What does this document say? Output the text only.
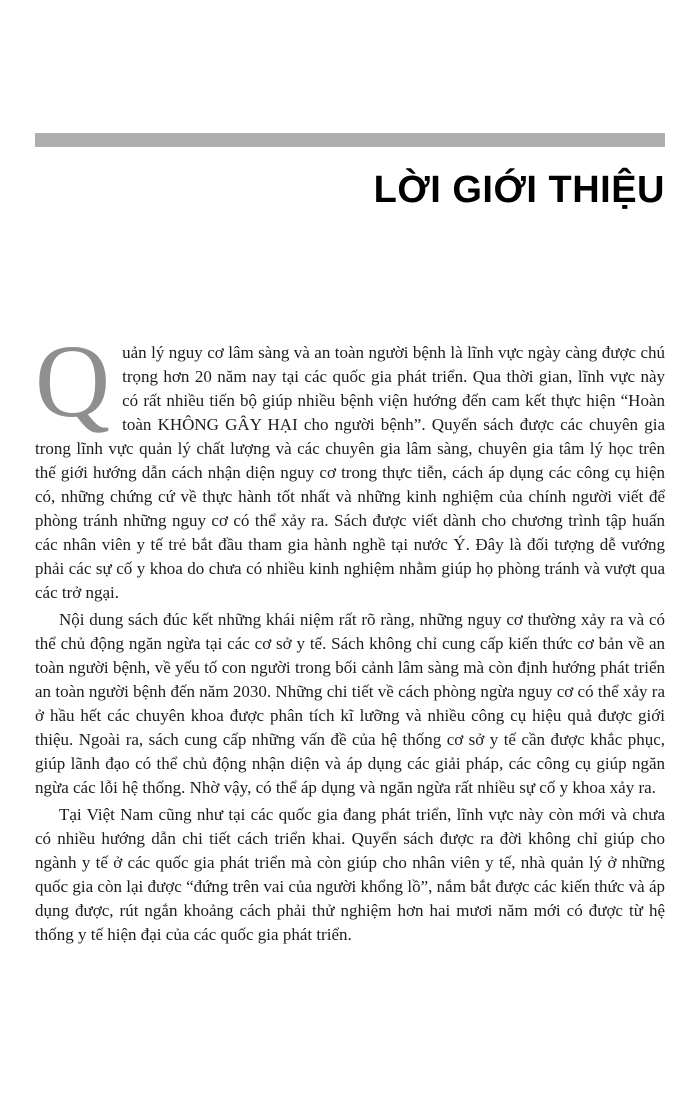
LỜI GIỚI THIỆU

Quản lý nguy cơ lâm sàng và an toàn người bệnh là lĩnh vực ngày càng được chú trọng hơn 20 năm nay tại các quốc gia phát triển. Qua thời gian, lĩnh vực này có rất nhiều tiến bộ giúp nhiều bệnh viện hướng đến cam kết thực hiện “Hoàn toàn KHÔNG GÂY HẠI cho người bệnh”. Quyển sách được các chuyên gia trong lĩnh vực quản lý chất lượng và các chuyên gia lâm sàng, chuyên gia tâm lý học trên thế giới hướng dẫn cách nhận diện nguy cơ trong thực tiễn, cách áp dụng các công cụ hiện có, những chứng cứ về thực hành tốt nhất và những kinh nghiệm của chính người viết để phòng tránh những nguy cơ có thể xảy ra. Sách được viết dành cho chương trình tập huấn các nhân viên y tế trẻ bắt đầu tham gia hành nghề tại nước Ý. Đây là đối tượng dễ vướng phải các sự cố y khoa do chưa có nhiều kinh nghiệm nhằm giúp họ phòng tránh và vượt qua các trở ngại.

Nội dung sách đúc kết những khái niệm rất rõ ràng, những nguy cơ thường xảy ra và có thể chủ động ngăn ngừa tại các cơ sở y tế. Sách không chỉ cung cấp kiến thức cơ bản về an toàn người bệnh, về yếu tố con người trong bối cảnh lâm sàng mà còn định hướng phát triển an toàn người bệnh đến năm 2030. Những chi tiết về cách phòng ngừa nguy cơ có thể xảy ra ở hầu hết các chuyên khoa được phân tích kĩ lưỡng và nhiều công cụ hiệu quả được giới thiệu. Ngoài ra, sách cung cấp những vấn đề của hệ thống cơ sở y tế cần được khắc phục, giúp lãnh đạo có thể chủ động nhận diện và áp dụng các giải pháp, các công cụ giúp ngăn ngừa các lỗi hệ thống. Nhờ vậy, có thể áp dụng và ngăn ngừa rất nhiều sự cố y khoa xảy ra.

Tại Việt Nam cũng như tại các quốc gia đang phát triển, lĩnh vực này còn mới và chưa có nhiều hướng dẫn chi tiết cách triển khai. Quyển sách được ra đời không chỉ giúp cho ngành y tế ở các quốc gia phát triển mà còn giúp cho nhân viên y tế, nhà quản lý ở những quốc gia còn lại được “đứng trên vai của người khổng lồ”, nắm bắt được các kiến thức và áp dụng được, rút ngắn khoảng cách phải thử nghiệm hơn hai mươi năm mới có được từ hệ thống y tế hiện đại của các quốc gia phát triển.
